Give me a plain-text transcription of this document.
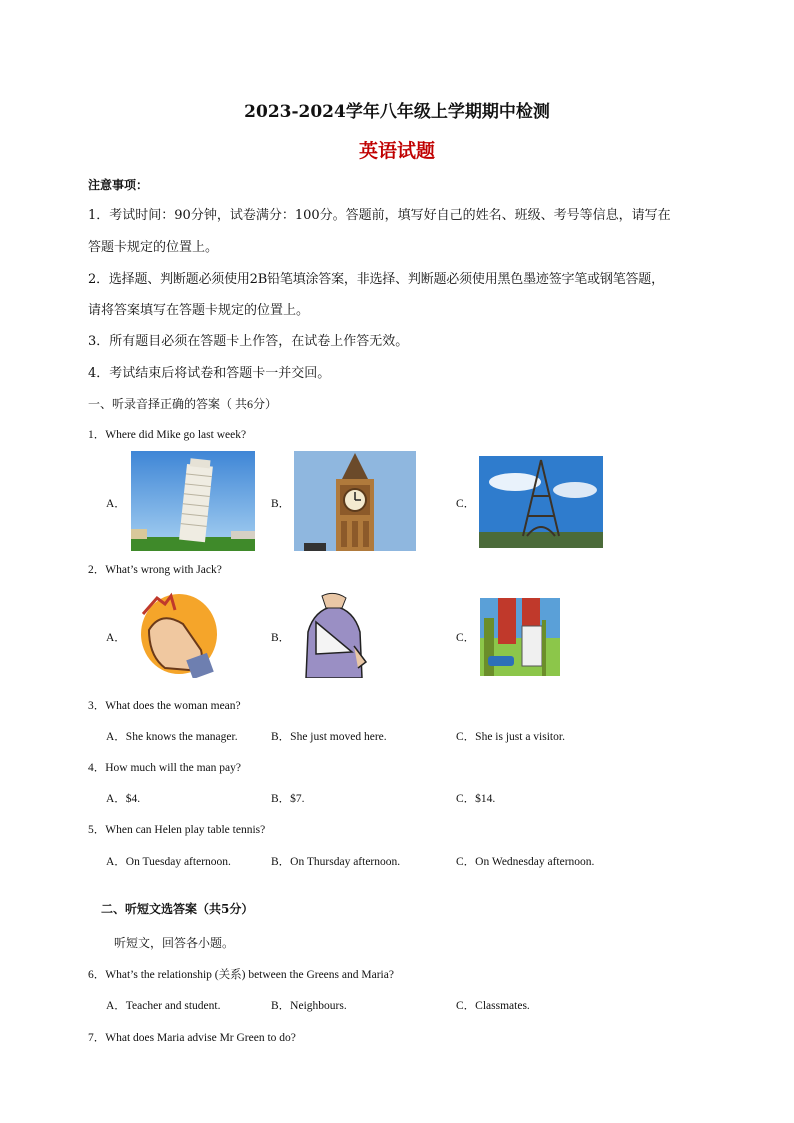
2023-2024学年八年级上学期期中检测
英语试题
注意事项：
1．考试时间：90分钟，试卷满分：100分。答题前，填写好自己的姓名、班级、考号等信息，请写在
答题卡规定的位置上。
2．选择题、判断题必须使用2B铅笔填涂答案，非选择、判断题必须使用黑色墨迹签字笔或钢笔答题，
请将答案填写在答题卡规定的位置上。
3．所有题目必须在答题卡上作答，在试卷上作答无效。
4．考试结束后将试卷和答题卡一并交回。
一、听录音择正确的答案（ 共6分）
1．Where did Mike go last week?
A．	B．	C．
2．What’s wrong with Jack?
A．	B．	C．
3．What does the woman mean?
A．She knows the manager.	B．She just moved here.	C．She is just a visitor.
4．How much will the man pay?
A．$4.	B．$7.	C．$14.
5．When can Helen play table tennis?
A．On Tuesday afternoon.	B．On Thursday afternoon.	C．On Wednesday afternoon.
二、听短文选答案（共5分）
听短文，回答各小题。
6．What’s the relationship (关系) between the Greens and Maria?
A．Teacher and student.	B．Neighbours.	C．Classmates.
7．What does Maria advise Mr Green to do?
